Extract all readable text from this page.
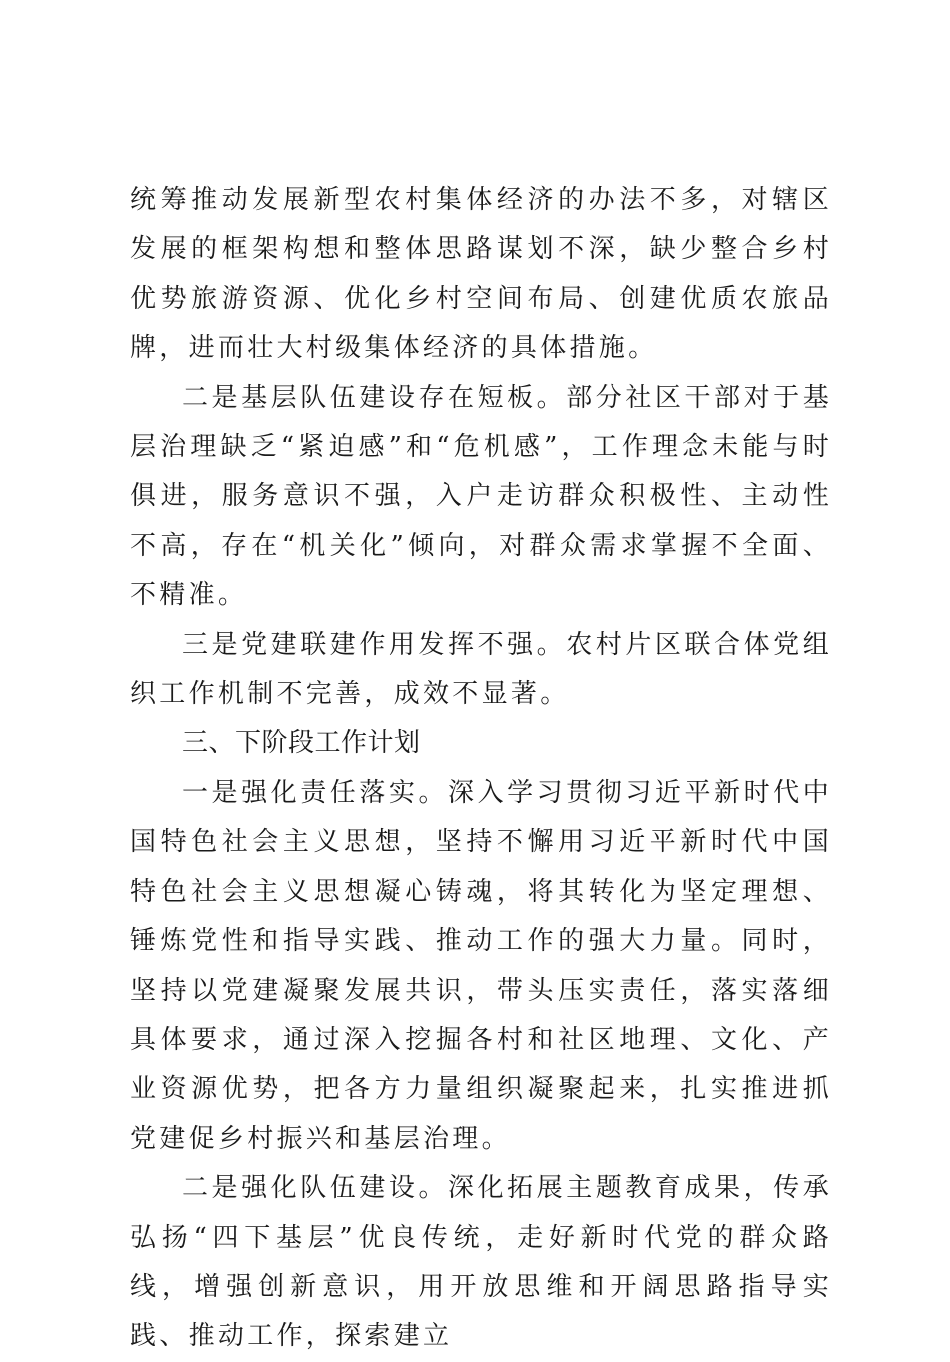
统筹推动发展新型农村集体经济的办法不多，对辖区发展的框架构想和整体思路谋划不深，缺少整合乡村优势旅游资源、优化乡村空间布局、创建优质农旅品牌，进而壮大村级集体经济的具体措施。

二是基层队伍建设存在短板。部分社区干部对于基层治理缺乏“紧迫感”和“危机感”，工作理念未能与时俱进，服务意识不强，入户走访群众积极性、主动性不高，存在“机关化”倾向，对群众需求掌握不全面、不精准。

三是党建联建作用发挥不强。农村片区联合体党组织工作机制不完善，成效不显著。

三、下阶段工作计划

一是强化责任落实。深入学习贯彻习近平新时代中国特色社会主义思想，坚持不懈用习近平新时代中国特色社会主义思想凝心铸魂，将其转化为坚定理想、锤炼党性和指导实践、推动工作的强大力量。同时，坚持以党建凝聚发展共识，带头压实责任，落实落细具体要求，通过深入挖掘各村和社区地理、文化、产业资源优势，把各方力量组织凝聚起来，扎实推进抓党建促乡村振兴和基层治理。

二是强化队伍建设。深化拓展主题教育成果，传承弘扬“四下基层”优良传统，走好新时代党的群众路线，增强创新意识，用开放思维和开阔思路指导实践、推动工作，探索建立
